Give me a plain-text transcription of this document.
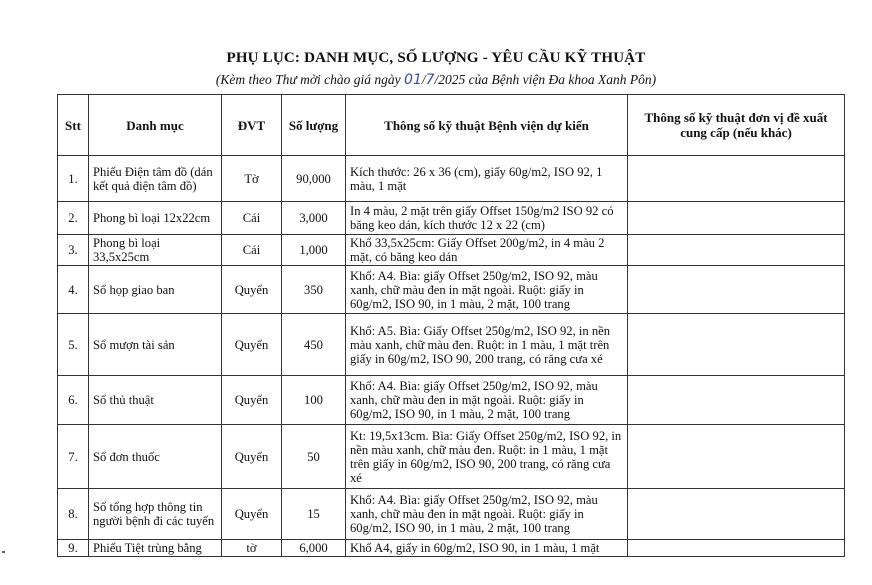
PHỤ LỤC: DANH MỤC, SỐ LƯỢNG - YÊU CẦU KỸ THUẬT
(Kèm theo Thư mời chào giá ngày 01/7/2025 của Bệnh viện Đa khoa Xanh Pôn)
Stt	Danh mục	ĐVT	Số lượng	Thông số kỹ thuật Bệnh viện dự kiến	Thông số kỹ thuật đơn vị đề xuất cung cấp (nếu khác)
1.	Phiếu Điện tâm đồ (dán kết quả điện tâm đồ)	Tờ	90,000	Kích thước: 26 x 36 (cm), giấy 60g/m2, ISO 92, 1 màu, 1 mặt	
2.	Phong bì loại 12x22cm	Cái	3,000	In 4 màu, 2 mặt trên giấy Offset 150g/m2 ISO 92 có băng keo dán, kích thước 12 x 22 (cm)	
3.	Phong bì loại 33,5x25cm	Cái	1,000	Khổ 33,5x25cm: Giấy Offset 200g/m2, in 4 màu 2 mặt, có băng keo dán	
4.	Sổ họp giao ban	Quyển	350	Khổ: A4. Bìa: giấy Offset 250g/m2, ISO 92, màu xanh, chữ màu đen in mặt ngoài. Ruột: giấy in 60g/m2, ISO 90, in 1 màu, 2 mặt, 100 trang	
5.	Sổ mượn tài sản	Quyển	450	Khổ: A5. Bìa: Giấy Offset 250g/m2, ISO 92, in nền màu xanh, chữ màu đen. Ruột: in 1 màu, 1 mặt trên giấy in 60g/m2, ISO 90, 200 trang, có răng cưa xé	
6.	Sổ thủ thuật	Quyển	100	Khổ: A4. Bìa: giấy Offset 250g/m2, ISO 92, màu xanh, chữ màu đen in mặt ngoài. Ruột: giấy in 60g/m2, ISO 90, in 1 màu, 2 mặt, 100 trang	
7.	Sổ đơn thuốc	Quyển	50	Kt: 19,5x13cm. Bìa: Giấy Offset 250g/m2, ISO 92, in nền màu xanh, chữ màu đen. Ruột: in 1 màu, 1 mặt trên giấy in 60g/m2, ISO 90, 200 trang, có răng cưa xé	
8.	Sổ tổng hợp thông tin người bệnh đi các tuyến	Quyển	15	Khổ: A4. Bìa: giấy Offset 250g/m2, ISO 92, màu xanh, chữ màu đen in mặt ngoài. Ruột: giấy in 60g/m2, ISO 90, in 1 màu, 2 mặt, 100 trang	
9.	Phiếu Tiệt trùng bằng	tờ	6,000	Khổ A4, giấy in 60g/m2, ISO 90, in 1 màu, 1 mặt	
